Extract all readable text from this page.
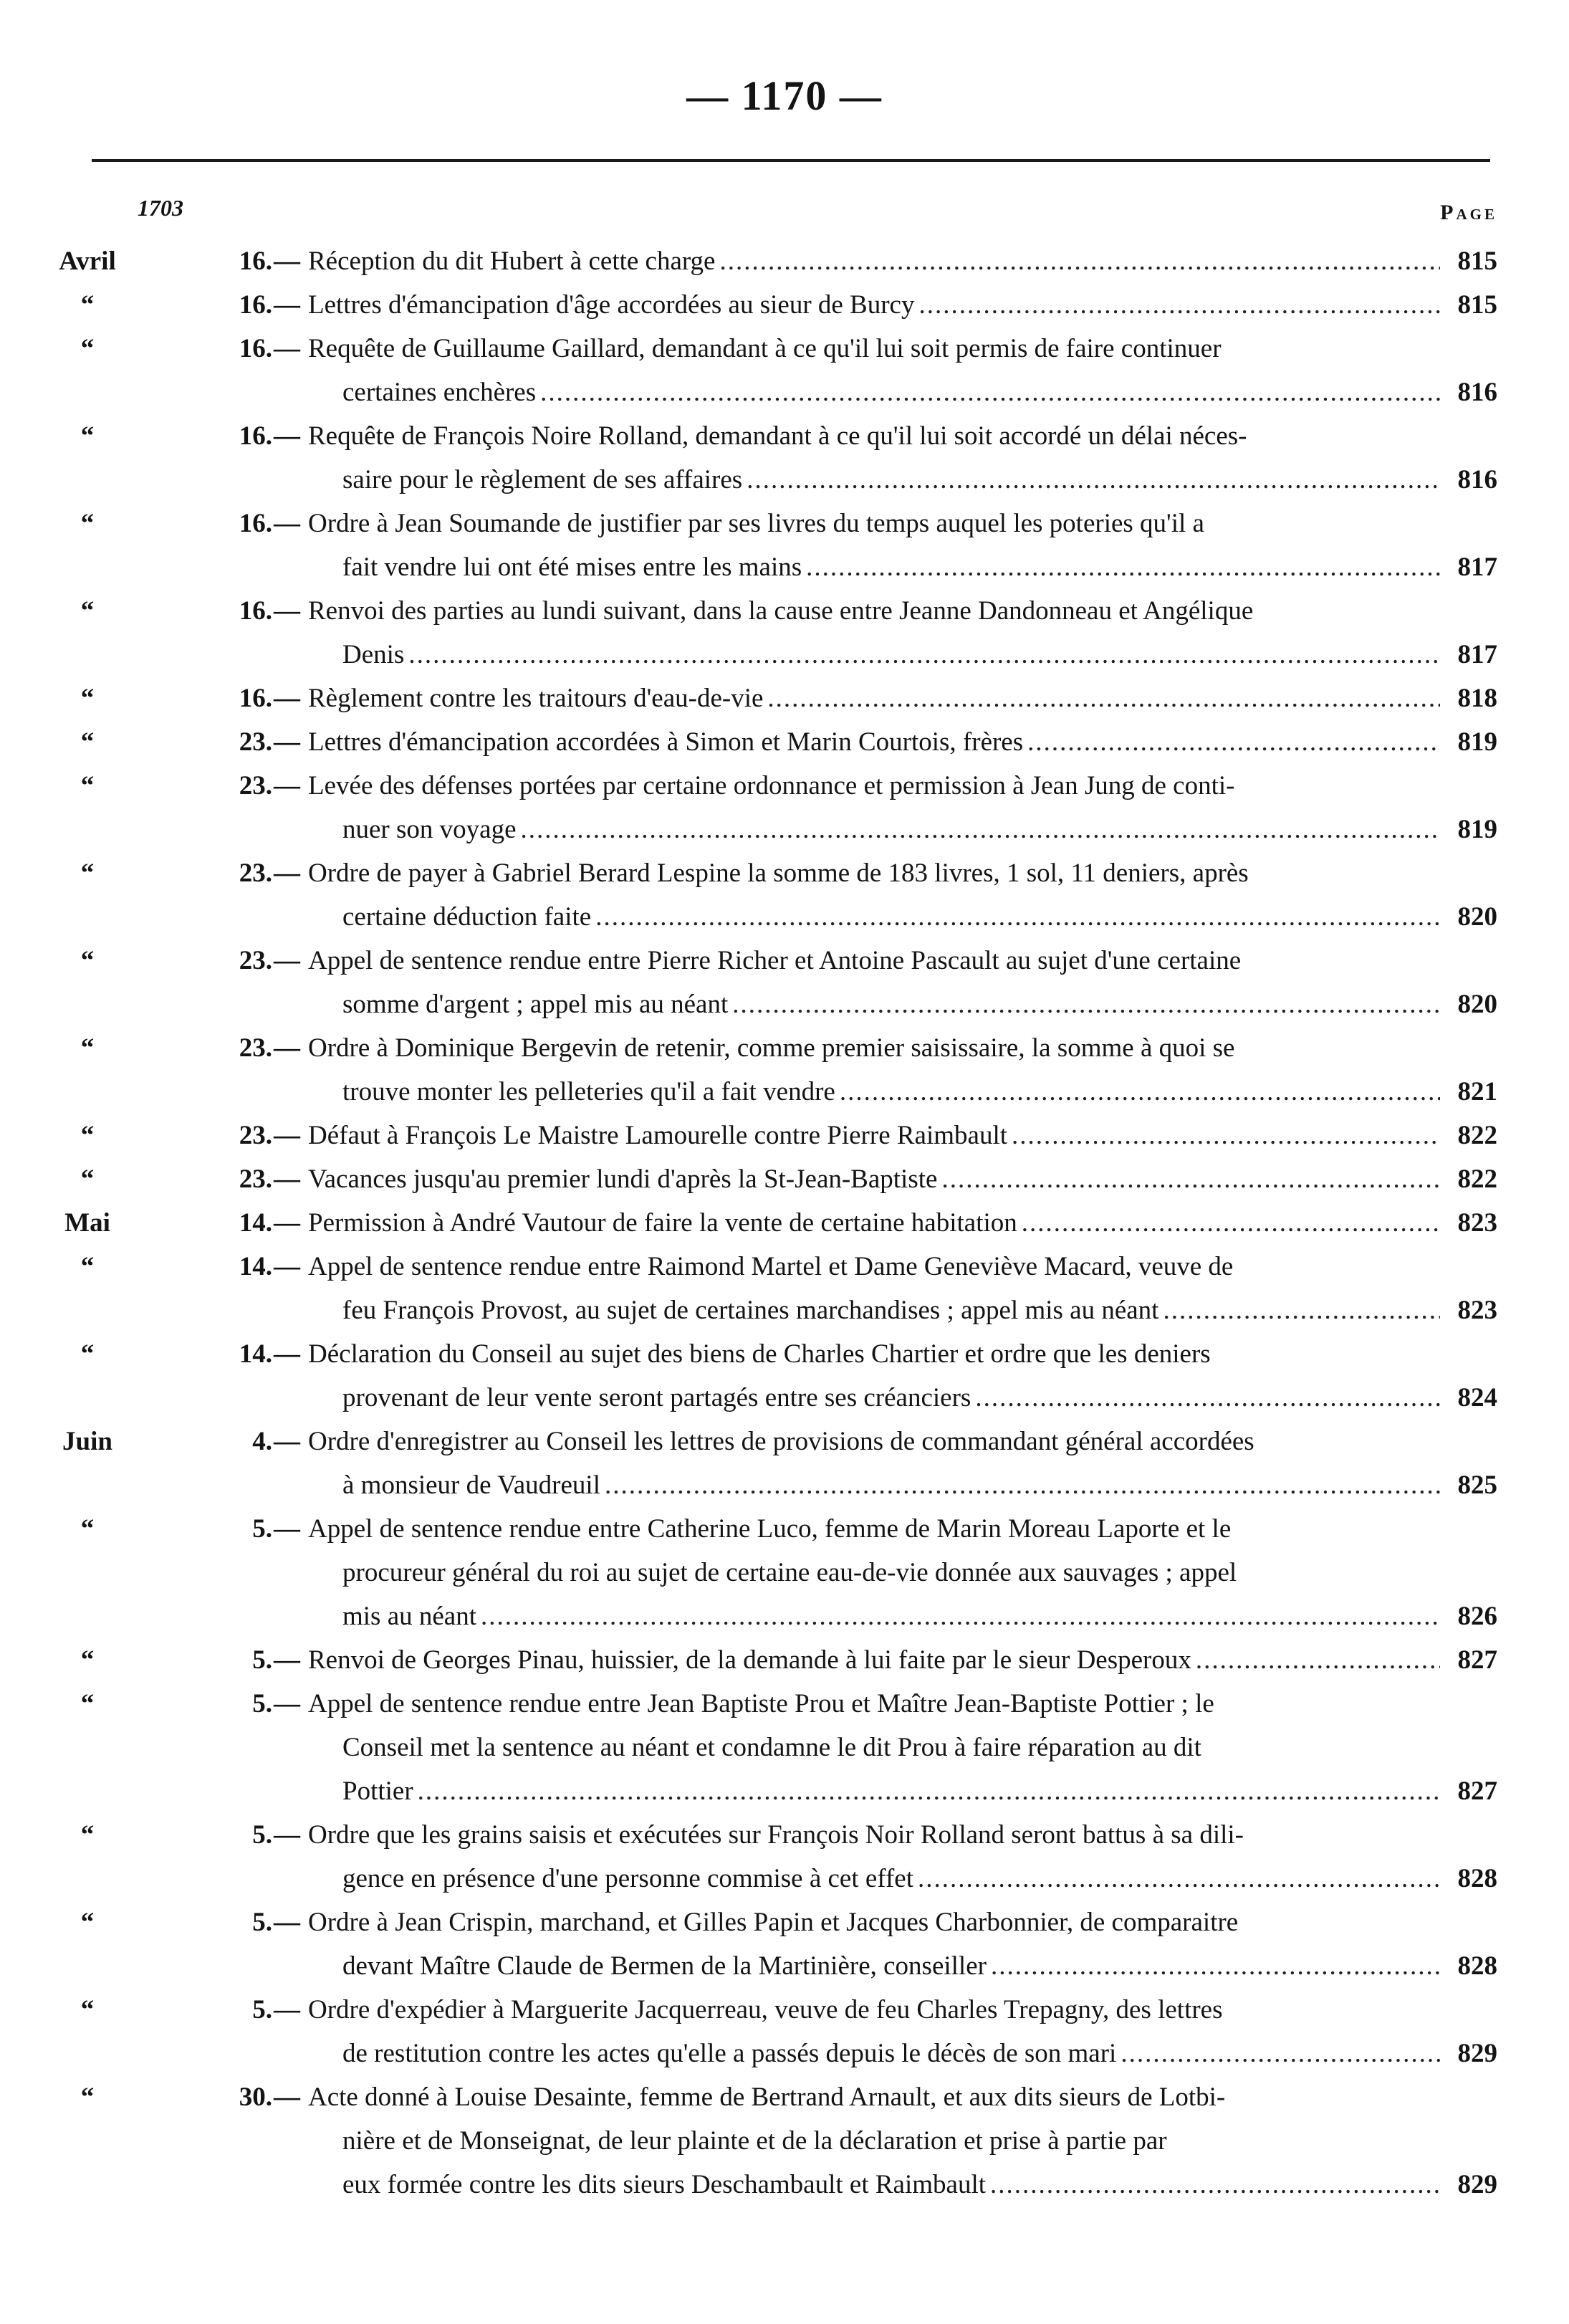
— 1170 —
1703	Page
Avril	16. — Réception du dit Hubert à cette charge .....	815
“	16. — Lettres d'émancipation d'âge accordées au sieur de Burcy .....	815
“	16. — Requête de Guillaume Gaillard, demandant à ce qu'il lui soit permis de faire continuer
certaines enchères .....	816
“	16. — Requête de François Noire Rolland, demandant à ce qu'il lui soit accordé un délai néces-
saire pour le règlement de ses affaires .....	816
“	16. — Ordre à Jean Soumande de justifier par ses livres du temps auquel les poteries qu'il a
fait vendre lui ont été mises entre les mains .....	817
“	16. — Renvoi des parties au lundi suivant, dans la cause entre Jeanne Dandonneau et Angélique
Denis .....	817
“	16. — Règlement contre les traitours d'eau-de-vie .....	818
“	23. — Lettres d'émancipation accordées à Simon et Marin Courtois, frères .....	819
“	23. — Levée des défenses portées par certaine ordonnance et permission à Jean Jung de conti-
nuer son voyage .....	819
“	23. — Ordre de payer à Gabriel Berard Lespine la somme de 183 livres, 1 sol, 11 deniers, après
certaine déduction faite .....	820
“	23. — Appel de sentence rendue entre Pierre Richer et Antoine Pascault au sujet d'une certaine
somme d'argent ; appel mis au néant .....	820
“	23. — Ordre à Dominique Bergevin de retenir, comme premier saisissaire, la somme à quoi se
trouve monter les pelleteries qu'il a fait vendre .....	821
“	23. — Défaut à François Le Maistre Lamourelle contre Pierre Raimbault .....	822
“	23. — Vacances jusqu'au premier lundi d'après la St-Jean-Baptiste .....	822
Mai	14. — Permission à André Vautour de faire la vente de certaine habitation .....	823
“	14. — Appel de sentence rendue entre Raimond Martel et Dame Geneviève Macard, veuve de
feu François Provost, au sujet de certaines marchandises ; appel mis au néant .....	823
“	14. — Déclaration du Conseil au sujet des biens de Charles Chartier et ordre que les deniers
provenant de leur vente seront partagés entre ses créanciers .....	824
Juin	4. — Ordre d'enregistrer au Conseil les lettres de provisions de commandant général accordées
à monsieur de Vaudreuil .....	825
“	5. — Appel de sentence rendue entre Catherine Luco, femme de Marin Moreau Laporte et le
procureur général du roi au sujet de certaine eau-de-vie donnée aux sauvages ; appel
mis au néant .....	826
“	5. — Renvoi de Georges Pinau, huissier, de la demande à lui faite par le sieur Desperoux .....	827
“	5. — Appel de sentence rendue entre Jean Baptiste Prou et Maître Jean-Baptiste Pottier ; le
Conseil met la sentence au néant et condamne le dit Prou à faire réparation au dit
Pottier .....	827
“	5. — Ordre que les grains saisis et exécutées sur François Noir Rolland seront battus à sa dili-
gence en présence d'une personne commise à cet effet .....	828
“	5. — Ordre à Jean Crispin, marchand, et Gilles Papin et Jacques Charbonnier, de comparaitre
devant Maître Claude de Bermen de la Martinière, conseiller .....	828
“	5. — Ordre d'expédier à Marguerite Jacquerreau, veuve de feu Charles Trepagny, des lettres
de restitution contre les actes qu'elle a passés depuis le décès de son mari .....	829
“	30. — Acte donné à Louise Desainte, femme de Bertrand Arnault, et aux dits sieurs de Lotbi-
nière et de Monseignat, de leur plainte et de la déclaration et prise à partie par
eux formée contre les dits sieurs Deschambault et Raimbault .....	829
